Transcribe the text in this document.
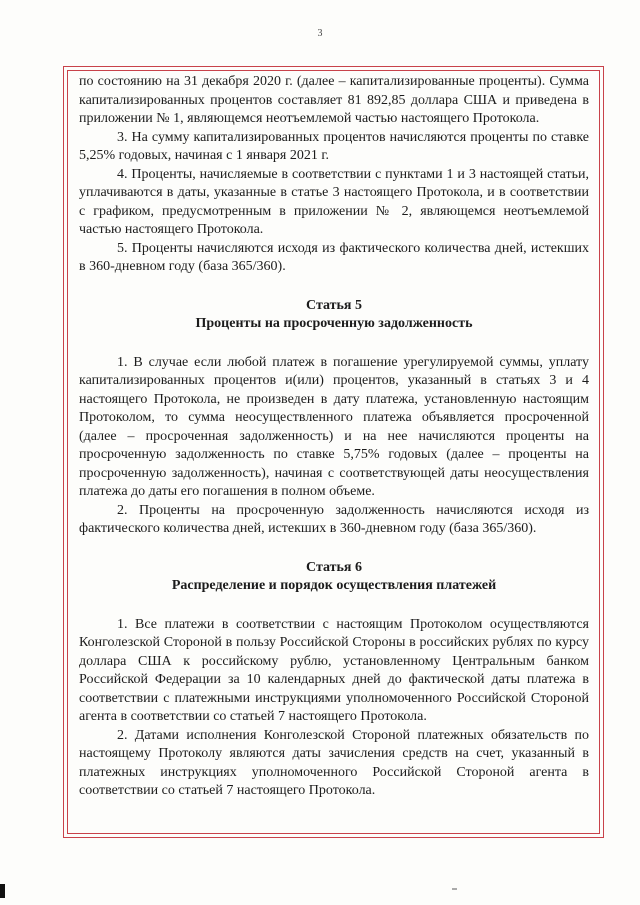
3

по состоянию на 31 декабря 2020 г. (далее – капитализированные проценты). Сумма капитализированных процентов составляет 81 892,85 доллара США и приведена в приложении № 1, являющемся неотъемлемой частью настоящего Протокола.

3. На сумму капитализированных процентов начисляются проценты по ставке 5,25% годовых, начиная с 1 января 2021 г.

4. Проценты, начисляемые в соответствии с пунктами 1 и 3 настоящей статьи, уплачиваются в даты, указанные в статье 3 настоящего Протокола, и в соответствии с графиком, предусмотренным в приложении № 2, являющемся неотъемлемой частью настоящего Протокола.

5. Проценты начисляются исходя из фактического количества дней, истекших в 360-дневном году (база 365/360).

Статья 5

Проценты на просроченную задолженность

1. В случае если любой платеж в погашение урегулируемой суммы, уплату капитализированных процентов и(или) процентов, указанный в статьях 3 и 4 настоящего Протокола, не произведен в дату платежа, установленную настоящим Протоколом, то сумма неосуществленного платежа объявляется просроченной (далее – просроченная задолженность) и на нее начисляются проценты на просроченную задолженность по ставке 5,75% годовых (далее – проценты на просроченную задолженность), начиная с соответствующей даты неосуществления платежа до даты его погашения в полном объеме.

2. Проценты на просроченную задолженность начисляются исходя из фактического количества дней, истекших в 360-дневном году (база 365/360).

Статья 6

Распределение и порядок осуществления платежей

1. Все платежи в соответствии с настоящим Протоколом осуществляются Конголезской Стороной в пользу Российской Стороны в российских рублях по курсу доллара США к российскому рублю, установленному Центральным банком Российской Федерации за 10 календарных дней до фактической даты платежа в соответствии с платежными инструкциями уполномоченного Российской Стороной агента в соответствии со статьей 7 настоящего Протокола.

2. Датами исполнения Конголезской Стороной платежных обязательств по настоящему Протоколу являются даты зачисления средств на счет, указанный в платежных инструкциях уполномоченного Российской Стороной агента в соответствии со статьей 7 настоящего Протокола.
